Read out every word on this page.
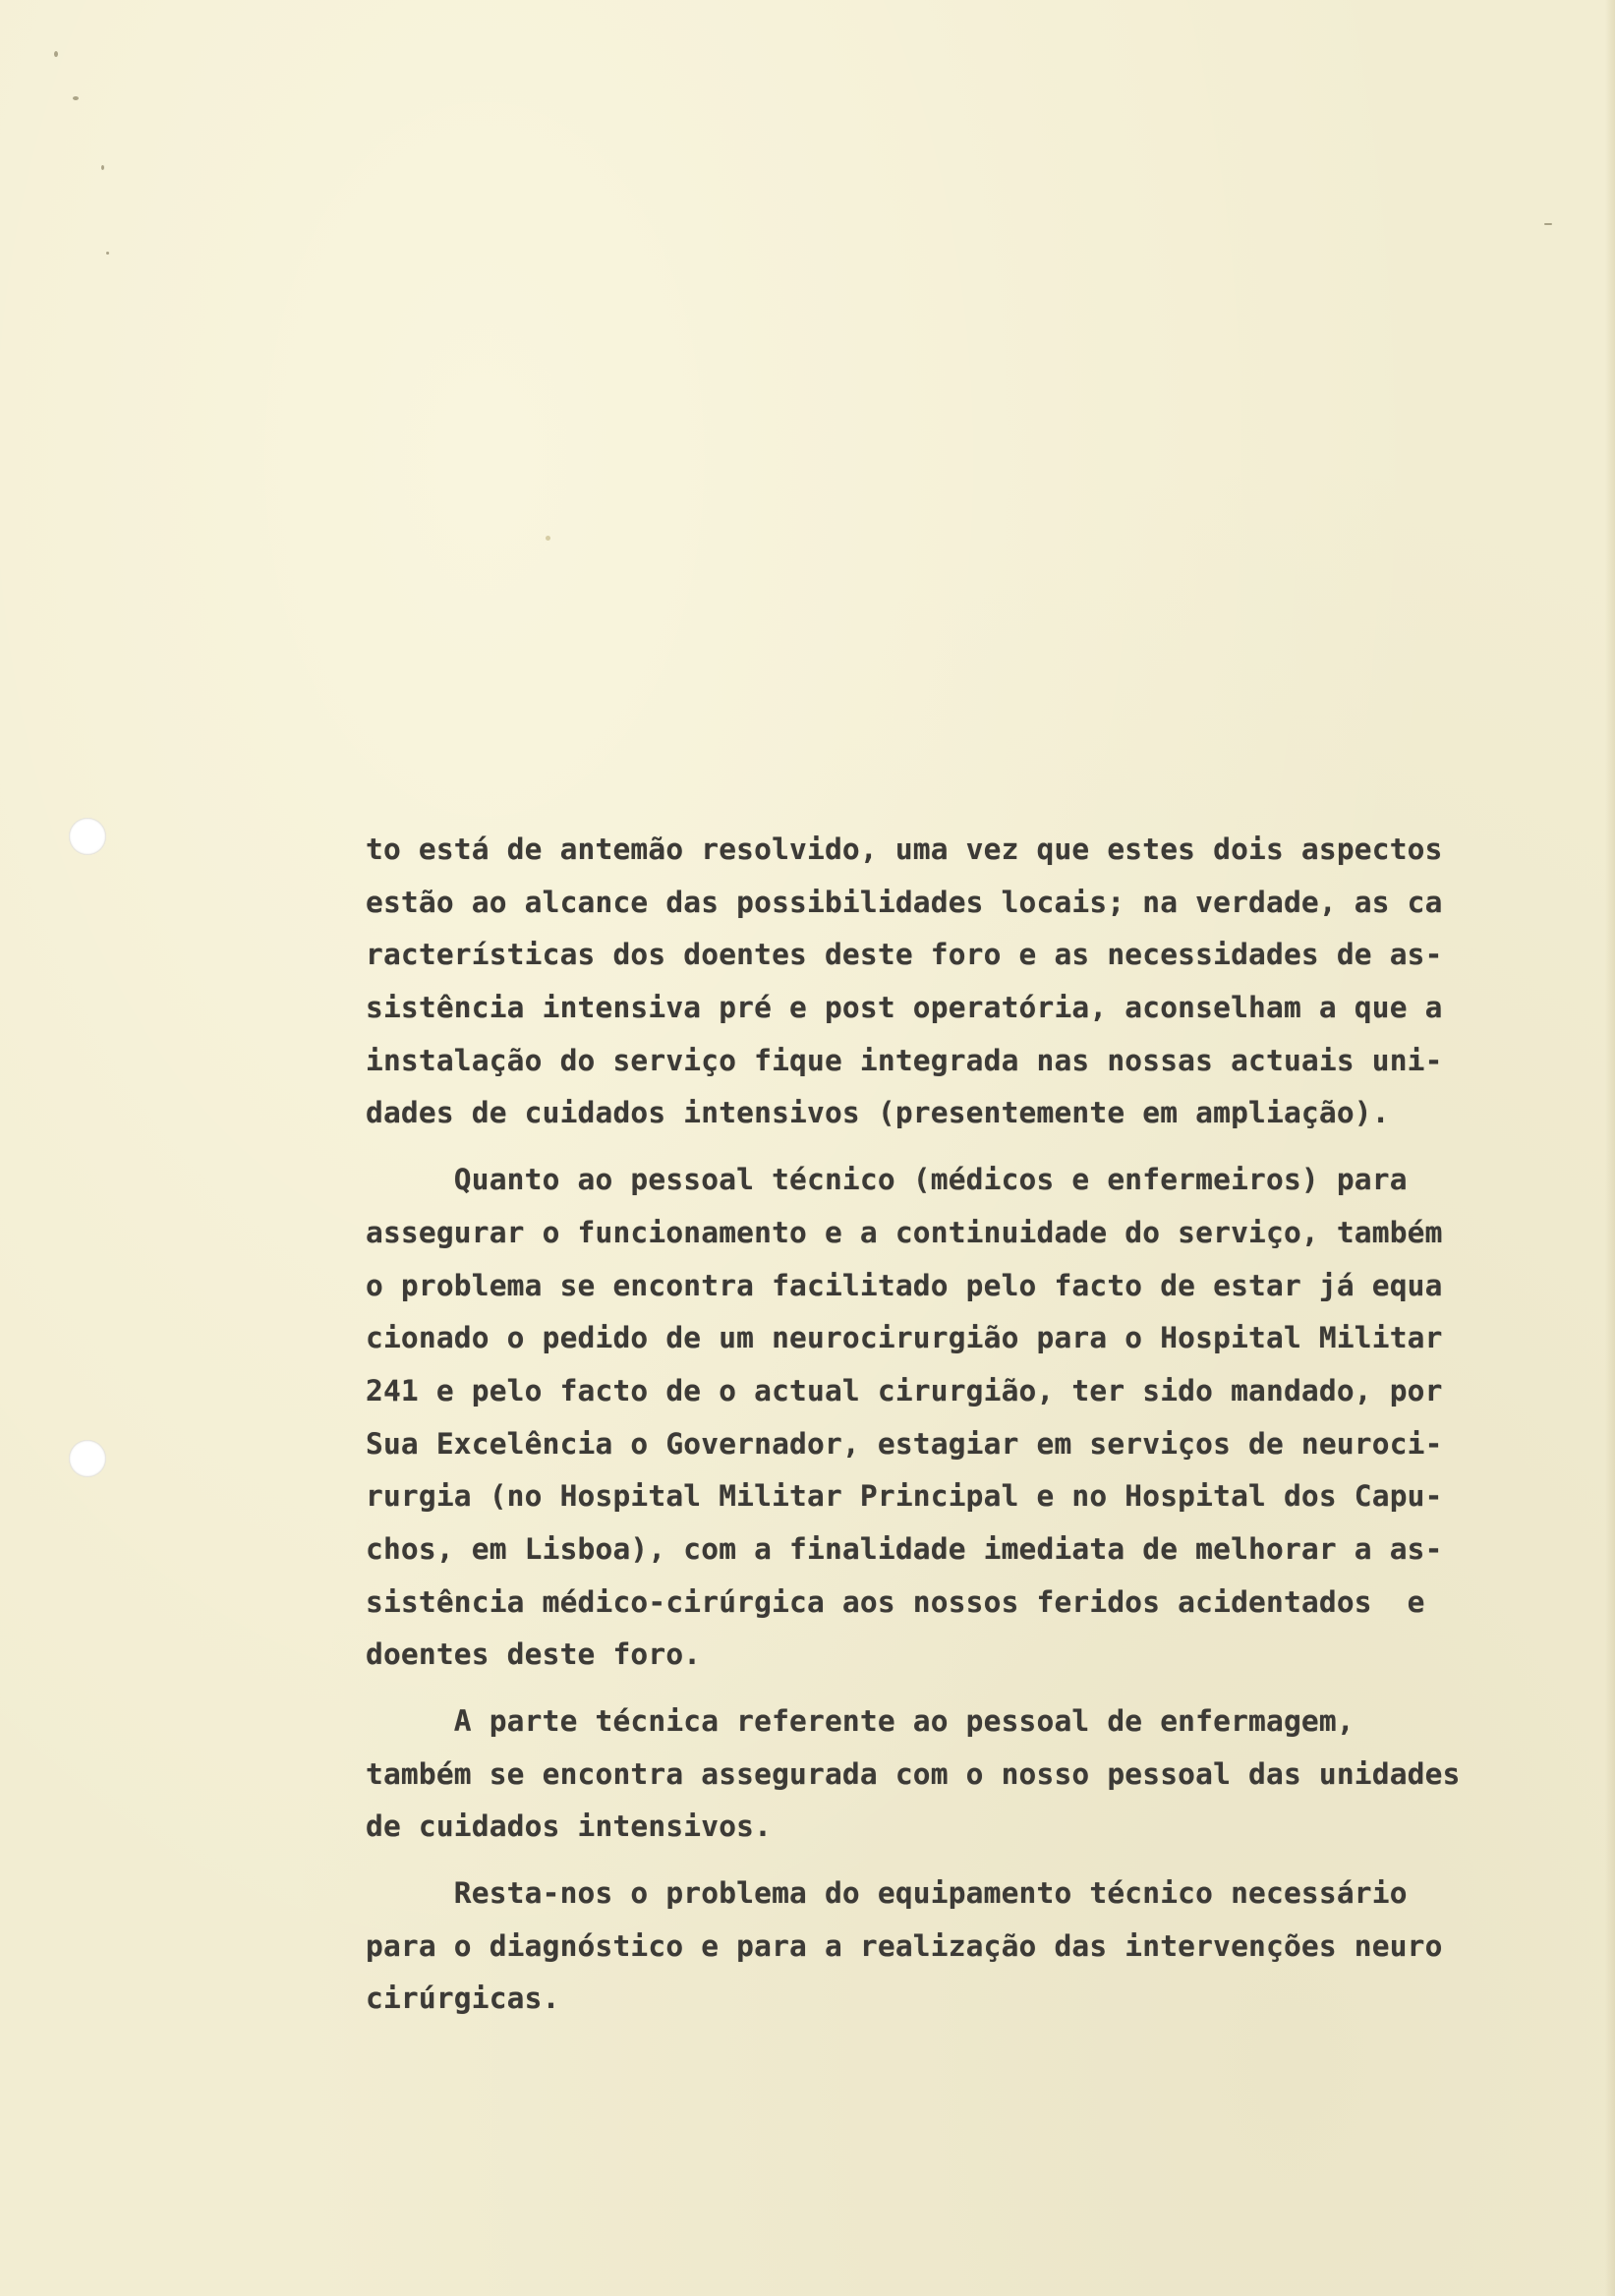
to está de antemão resolvido, uma vez que estes dois aspectos
estão ao alcance das possibilidades locais; na verdade, as ca
racterísticas dos doentes deste foro e as necessidades de as-
sistência intensiva pré e post operatória, aconselham a que a
instalação do serviço fique integrada nas nossas actuais uni-
dades de cuidados intensivos (presentemente em ampliação).
Quanto ao pessoal técnico (médicos e enfermeiros) para
assegurar o funcionamento e a continuidade do serviço, também
o problema se encontra facilitado pelo facto de estar já equa
cionado o pedido de um neurocirurgião para o Hospital Militar
241 e pelo facto de o actual cirurgião, ter sido mandado, por
Sua Excelência o Governador, estagiar em serviços de neuroci-
rurgia (no Hospital Militar Principal e no Hospital dos Capu-
chos, em Lisboa), com a finalidade imediata de melhorar a as-
sistência médico-cirúrgica aos nossos feridos acidentados  e
doentes deste foro.
A parte técnica referente ao pessoal de enfermagem,
também se encontra assegurada com o nosso pessoal das unidades
de cuidados intensivos.
Resta-nos o problema do equipamento técnico necessário
para o diagnóstico e para a realização das intervenções neuro
cirúrgicas.
